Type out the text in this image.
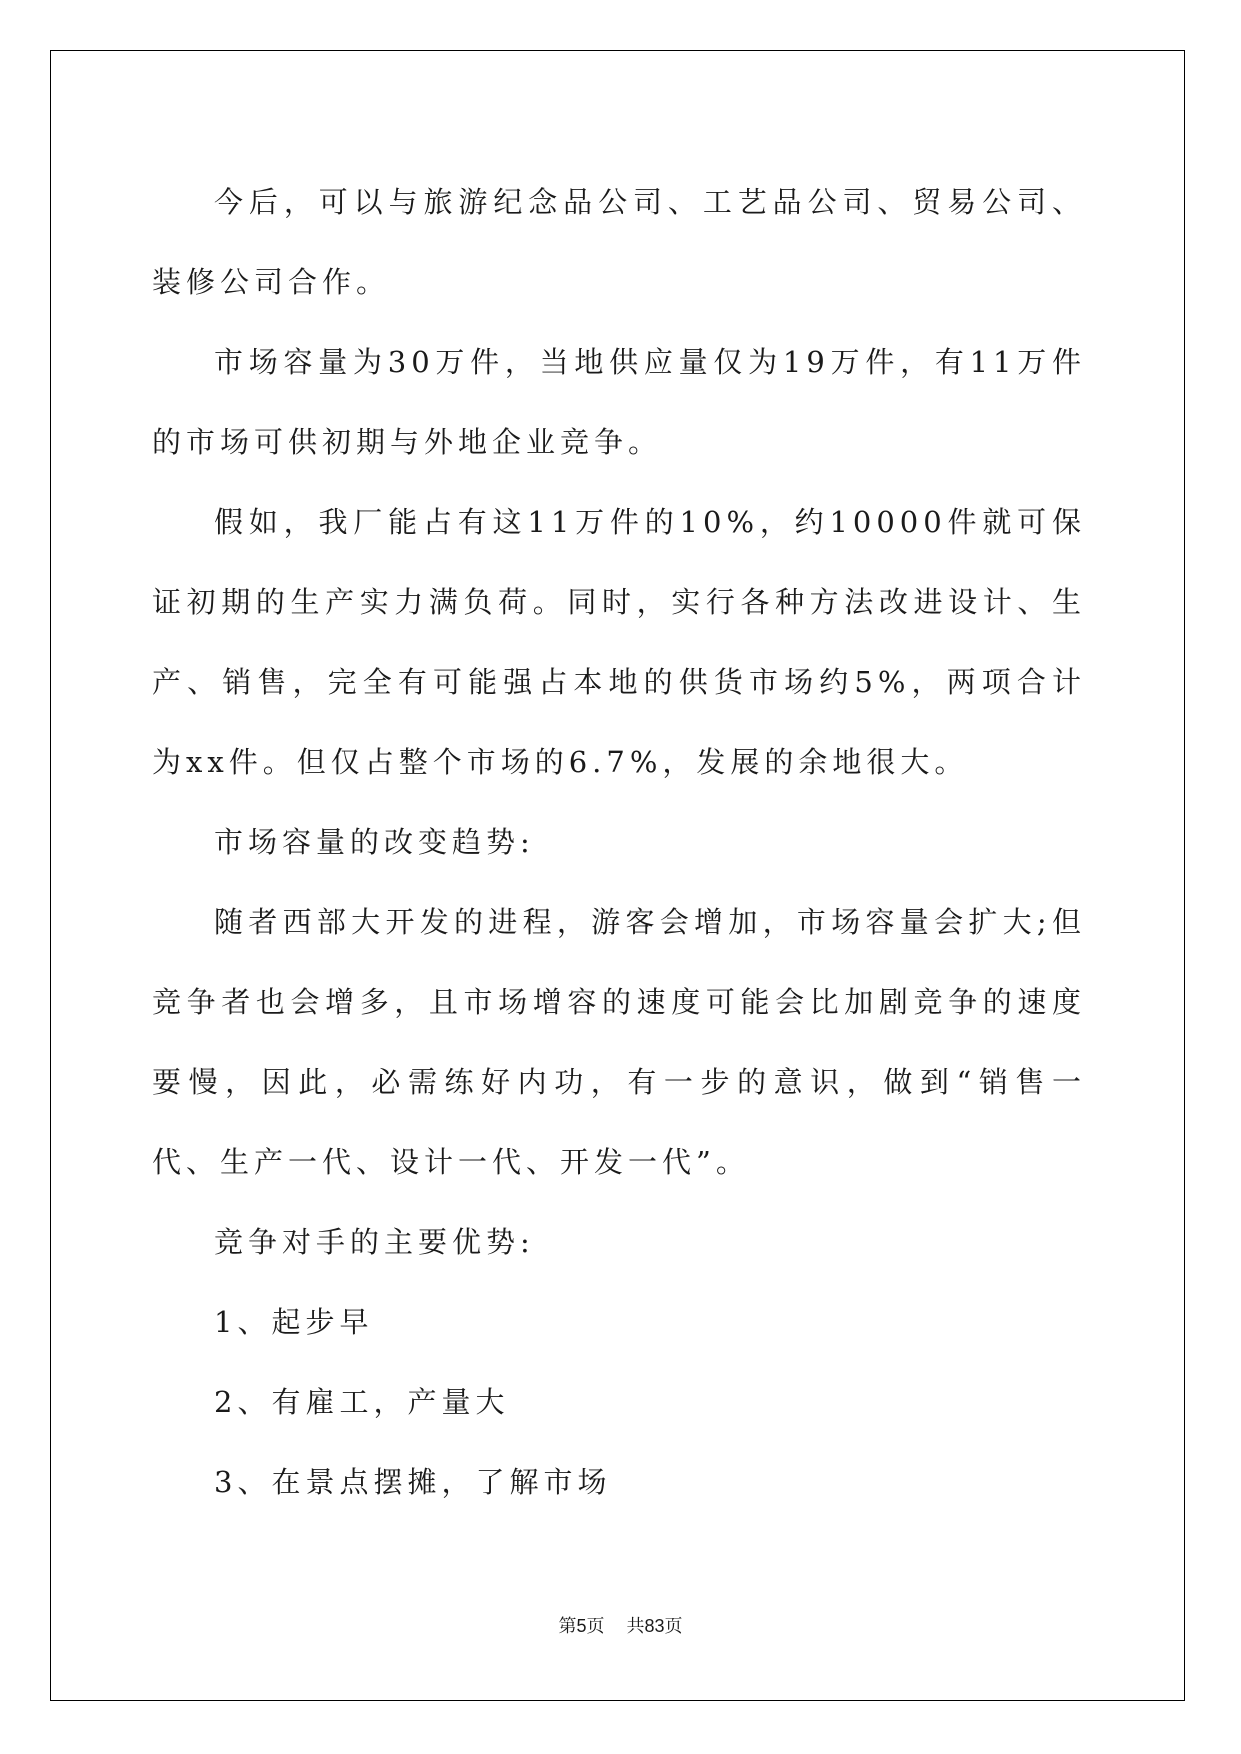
今后，可以与旅游纪念品公司、工艺品公司、贸易公司、装修公司合作。

市场容量为30万件，当地供应量仅为19万件，有11万件的市场可供初期与外地企业竞争。

假如，我厂能占有这11万件的10%，约10000件就可保证初期的生产实力满负荷。同时，实行各种方法改进设计、生产、销售，完全有可能强占本地的供货市场约5%，两项合计为xx件。但仅占整个市场的6.7%，发展的余地很大。

市场容量的改变趋势:

随者西部大开发的进程，游客会增加，市场容量会扩大;但竞争者也会增多，且市场增容的速度可能会比加剧竞争的速度要慢，因此，必需练好内功，有一步的意识，做到“销售一代、生产一代、设计一代、开发一代”。

竞争对手的主要优势:

1、起步早

2、有雇工，产量大

3、在景点摆摊，了解市场

第5页 共83页
